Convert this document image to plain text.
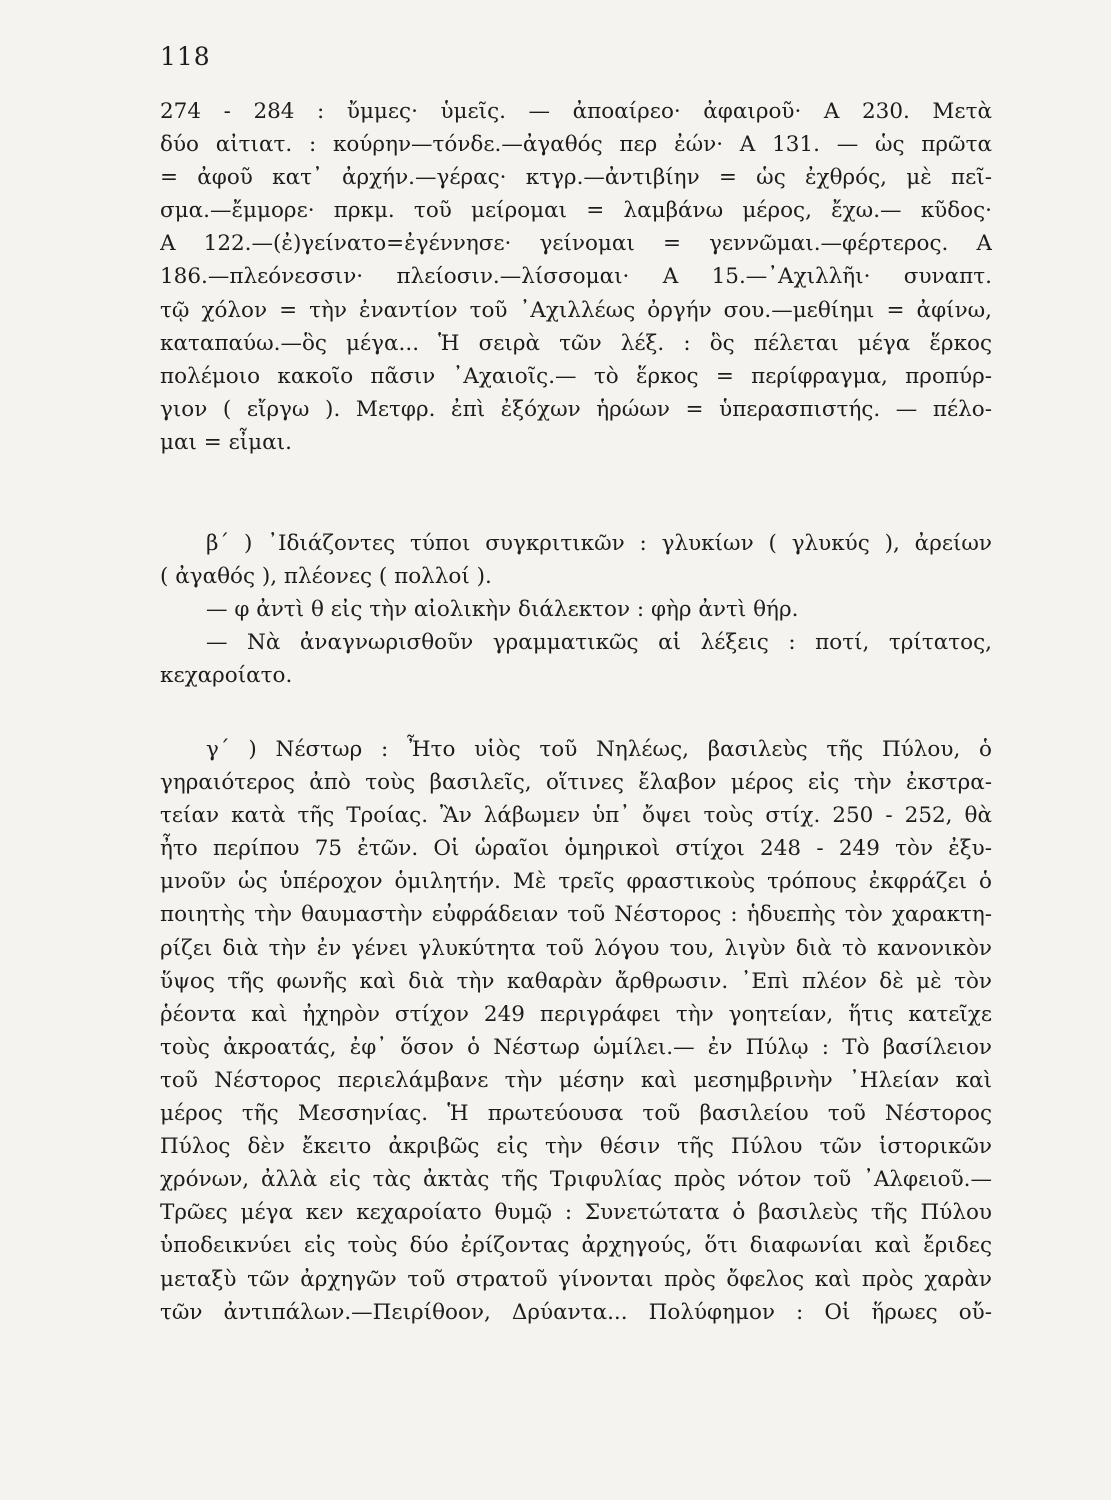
118
274 - 284 : ὔμμες· ὑμεῖς. — ἀποαίρεο· ἀφαιροῦ· Α 230. Μετὰ
δύο αἰτιατ. : κούρην—τόνδε.—ἀγαθός περ ἐών· Α 131. — ὡς πρῶτα
= ἀφοῦ κατ᾿ ἀρχήν.—γέρας· κτγρ.—ἀντιβίην = ὡς ἐχθρός, μὲ πεῖ-
σμα.—ἔμμορε· πρκμ. τοῦ μείρομαι = λαμβάνω μέρος, ἔχω.— κῦδος·
Α 122.—(ἐ)γείνατο=ἐγέννησε· γείνομαι = γεννῶμαι.—φέρτερος. Α
186.—πλεόνεσσιν· πλείοσιν.—λίσσομαι· Α 15.—᾿Αχιλλῆι· συναπτ.
τῷ χόλον = τὴν ἐναντίον τοῦ ᾿Αχιλλέως ὀργήν σου.—μεθίημι = ἀφίνω,
καταπαύω.—ὃς μέγα... Ἡ σειρὰ τῶν λέξ. : ὃς πέλεται μέγα ἕρκος
πολέμοιο κακοῖο πᾶσιν ᾿Αχαιοῖς.— τὸ ἕρκος = περίφραγμα, προπύρ-
γιον ( εἴργω ). Μετφρ. ἐπὶ ἐξόχων ἡρώων = ὑπερασπιστής. — πέλο-
μαι = εἶμαι.
β΄ ) ᾿Ιδιάζοντες τύποι συγκριτικῶν : γλυκίων ( γλυκύς ), ἀρείων
( ἀγαθός ), πλέονες ( πολλοί ).
— φ ἀντὶ θ εἰς τὴν αἰολικὴν διάλεκτον : φὴρ ἀντὶ θήρ.
— Νὰ ἀναγνωρισθοῦν γραμματικῶς αἱ λέξεις : ποτί, τρίτατος,
κεχαροίατο.
γ΄ ) Νέστωρ : Ἦτο υἱὸς τοῦ Νηλέως, βασιλεὺς τῆς Πύλου, ὁ
γηραιότερος ἀπὸ τοὺς βασιλεῖς, οἵτινες ἔλαβον μέρος εἰς τὴν ἐκστρα-
τείαν κατὰ τῆς Τροίας. Ἂν λάβωμεν ὑπ᾿ ὄψει τοὺς στίχ. 250 - 252, θὰ
ἦτο περίπου 75 ἐτῶν. Οἱ ὡραῖοι ὁμηρικοὶ στίχοι 248 - 249 τὸν ἐξυ-
μνοῦν ὡς ὑπέροχον ὁμιλητήν. Μὲ τρεῖς φραστικοὺς τρόπους ἐκφράζει ὁ
ποιητὴς τὴν θαυμαστὴν εὐφράδειαν τοῦ Νέστορος : ἡδυεπὴς τὸν χαρακτη-
ρίζει διὰ τὴν ἐν γένει γλυκύτητα τοῦ λόγου του, λιγὺν διὰ τὸ κανονικὸν
ὕψος τῆς φωνῆς καὶ διὰ τὴν καθαρὰν ἄρθρωσιν. ᾿Επὶ πλέον δὲ μὲ τὸν
ῥέοντα καὶ ἠχηρὸν στίχον 249 περιγράφει τὴν γοητείαν, ἥτις κατεῖχε
τοὺς ἀκροατάς, ἐφ᾿ ὅσον ὁ Νέστωρ ὡμίλει.— ἐν Πύλῳ : Τὸ βασίλειον
τοῦ Νέστορος περιελάμβανε τὴν μέσην καὶ μεσημβρινὴν ᾿Ηλείαν καὶ
μέρος τῆς Μεσσηνίας. Ἡ πρωτεύουσα τοῦ βασιλείου τοῦ Νέστορος
Πύλος δὲν ἔκειτο ἀκριβῶς εἰς τὴν θέσιν τῆς Πύλου τῶν ἱστορικῶν
χρόνων, ἀλλὰ εἰς τὰς ἀκτὰς τῆς Τριφυλίας πρὸς νότον τοῦ ᾿Αλφειοῦ.—
Τρῶες μέγα κεν κεχαροίατο θυμῷ : Συνετώτατα ὁ βασιλεὺς τῆς Πύλου
ὑποδεικνύει εἰς τοὺς δύο ἐρίζοντας ἀρχηγούς, ὅτι διαφωνίαι καὶ ἔριδες
μεταξὺ τῶν ἀρχηγῶν τοῦ στρατοῦ γίνονται πρὸς ὄφελος καὶ πρὸς χαρὰν
τῶν ἀντιπάλων.—Πειρίθοον, Δρύαντα... Πολύφημον : Οἱ ἥρωες οὔ-
